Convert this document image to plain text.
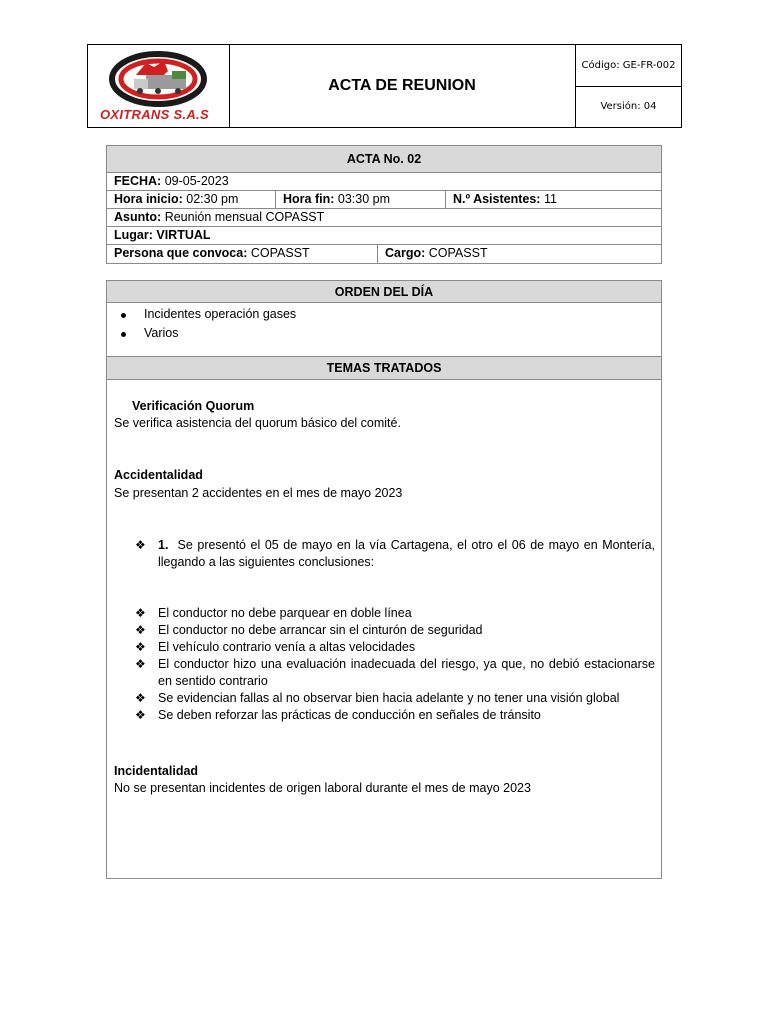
OXITRANS S.A.S
ACTA DE REUNION
Código: GE-FR-002
Versión: 04
ACTA No. 02
FECHA: 09-05-2023
Hora inicio: 02:30 pm	Hora fin: 03:30 pm	N.º Asistentes: 11
Asunto: Reunión mensual COPASST
Lugar: VIRTUAL
Persona que convoca: COPASST	Cargo: COPASST
ORDEN DEL DÍA
Incidentes operación gases
Varios
TEMAS TRATADOS
Verificación Quorum
Se verifica asistencia del quorum básico del comité.
Accidentalidad
Se presentan 2 accidentes en el mes de mayo 2023
❖ 1. Se presentó el 05 de mayo en la vía Cartagena, el otro el 06 de mayo en Montería, llegando a las siguientes conclusiones:
❖ El conductor no debe parquear en doble línea
❖ El conductor no debe arrancar sin el cinturón de seguridad
❖ El vehículo contrario venía a altas velocidades
❖ El conductor hizo una evaluación inadecuada del riesgo, ya que, no debió estacionarse en sentido contrario
❖ Se evidencian fallas al no observar bien hacia adelante y no tener una visión global
❖ Se deben reforzar las prácticas de conducción en señales de tránsito
Incidentalidad
No se presentan incidentes de origen laboral durante el mes de mayo 2023
